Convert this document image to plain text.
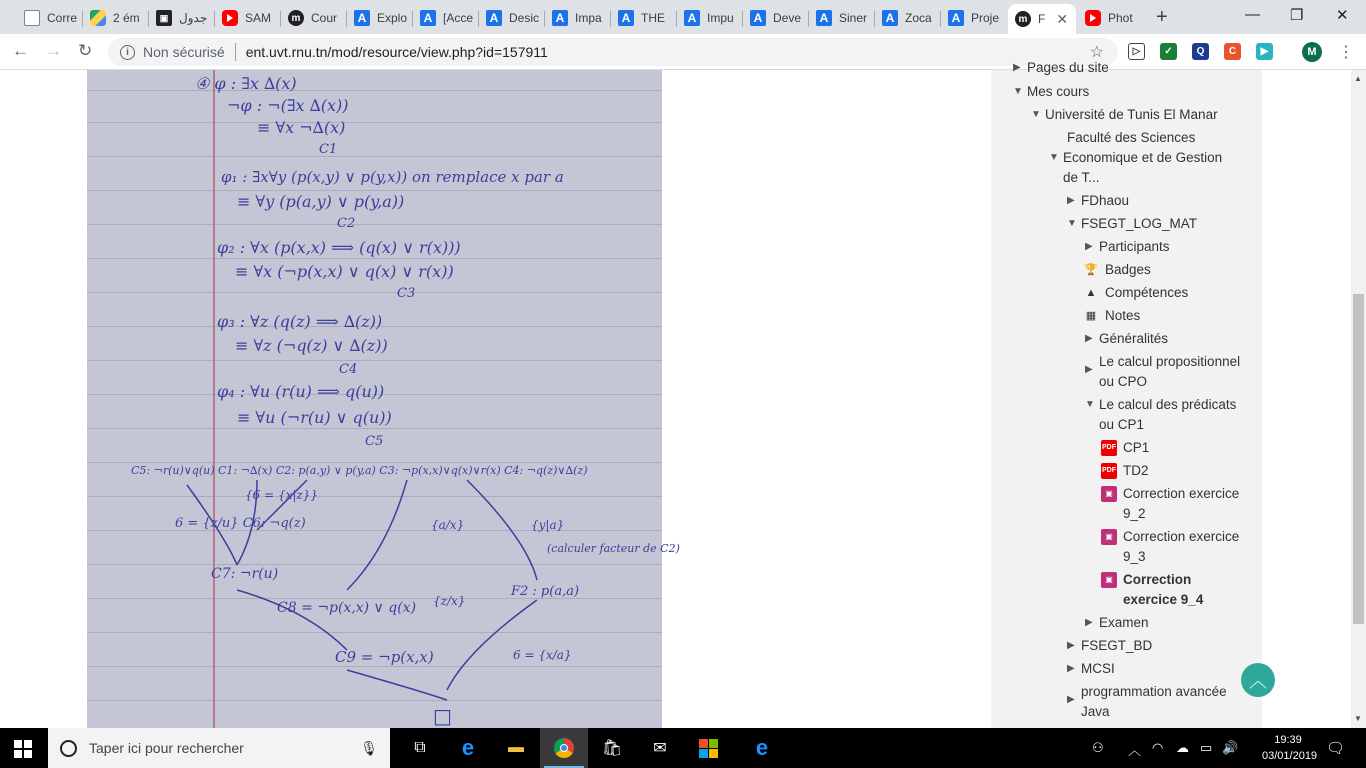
Corre	2 ém	▣ جدول	SAM	m Cour	A Explo	A [Acce	A Desic	A Impa	A THE	A Impu	A Deve	A Siner	A Zoca	A Proje	m F ✕	Phot +	— ❐ ✕
← → ↻	i	Non sécurisé ent.uvt.rnu.tn/mod/resource/view.php?id=157911	☆	▷	✓	Q	C	▶	M	⋮
④ φ : ∃x ∆(x)
¬φ : ¬(∃x ∆(x))
≡ ∀x ¬∆(x)
C1
φ₁ : ∃x∀y (p(x,y) ∨ p(y,x)) on remplace x par a
≡ ∀y (p(a,y) ∨ p(y,a))
C2
φ₂ : ∀x (p(x,x) ⟹ (q(x) ∨ r(x)))
≡ ∀x (¬p(x,x) ∨ q(x) ∨ r(x))
C3
φ₃ : ∀z (q(z) ⟹ ∆(z))
≡ ∀z (¬q(z) ∨ ∆(z))
C4
φ₄ : ∀u (r(u) ⟹ q(u))
≡ ∀u (¬r(u) ∨ q(u))
C5
C5: ¬r(u)∨q(u) C1: ¬∆(x) C2: p(a,y) ∨ p(y,a) C3: ¬p(x,x)∨q(x)∨r(x) C4: ¬q(z)∨∆(z)
{6 = {x|z}}
6 = {z/u} C6: ¬q(z)	{a/x}	{y|a}
(calculer facteur de C2)
C7: ¬r(u)
F2 : p(a,a)
C8 = ¬p(x,x) ∨ q(x) {z/x}
C9 = ¬p(x,x)	6 = {x/a}
□
▶ Pages du site
▼ Mes cours
▼ Université de Tunis El Manar
Faculté des Sciences
▼ Economique et de Gestion de T...
▶ FDhaou
▼ FSEGT_LOG_MAT
▶ Participants
🏆 Badges
▲ Compétences
▦ Notes
▶ Généralités
▶
Le calcul propositionnel ou CPO
▼ Le calcul des prédicats ou CP1
PDF CP1
PDF TD2
▣ Correction exercice 9_2
▣ Correction exercice 9_3
▣ Correction exercice 9_4
▶ Examen
▶ FSEGT_BD
▶ MCSI
▶
programmation avancée Java
︿
▲
▼
Taper ici pour rechercher	🎙	⧉	e	▬	🛍	✉	e	⚇ ︿ ◠ ☁ ▭ 🔊	19:39
03/01/2019 🗨
